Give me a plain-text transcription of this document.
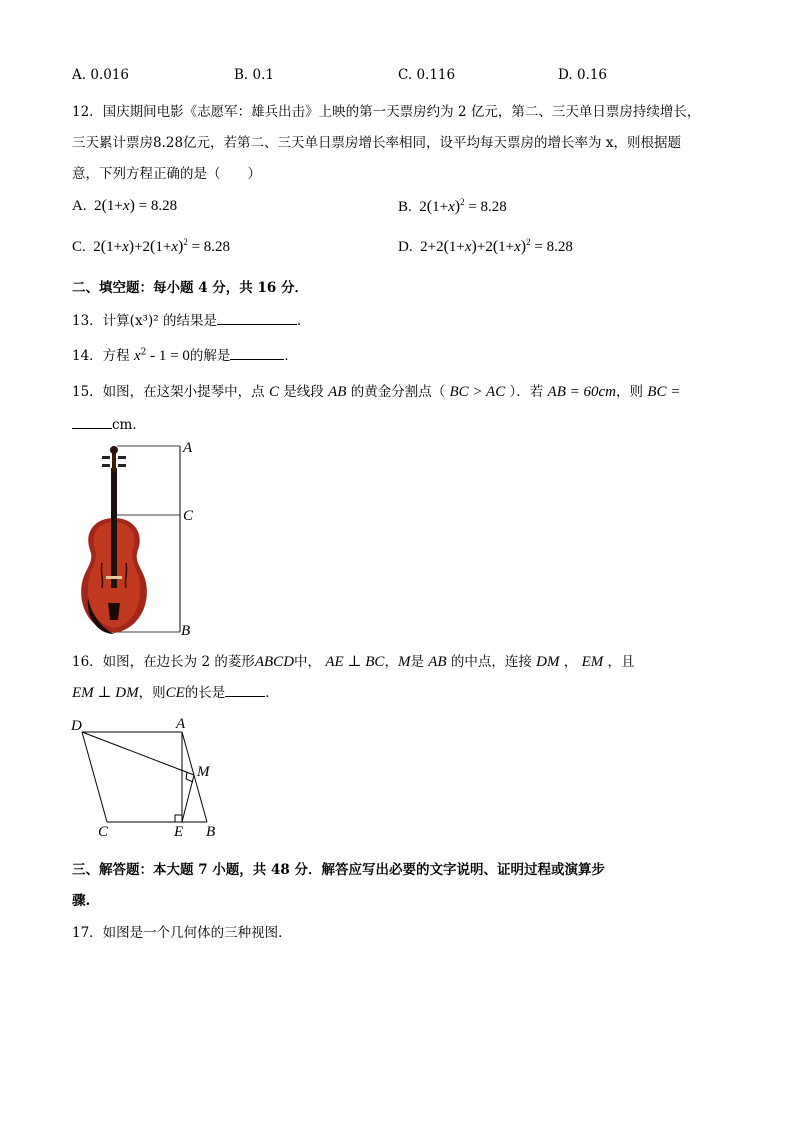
A. 0.016	B. 0.1	C. 0.116	D. 0.16
12．国庆期间电影《志愿军：雄兵出击》上映的第一天票房约为 2 亿元，第二、三天单日票房持续增长，
三天累计票房8.28亿元，若第二、三天单日票房增长率相同，设平均每天票房的增长率为 x，则根据题
意，下列方程正确的是（　　）
A. 2(1+x) = 8.28	B. $2(1+x)^2 = 8.28$
C. $2(1+x)+2(1+x)^2 = 8.28$	D. $2+2(1+x)+2(1+x)^2 = 8.28$
二、填空题：每小题 4 分，共 16 分．
13．计算(x³)² 的结果是	．
14．方程 $x^2 - 1 = 0$的解是	．
15．如图，在这架小提琴中，点 C 是线段 AB 的黄金分割点（ BC > AC ）．若 AB = 60cm，则 BC =
cm．
A
C
B
16．如图，在边长为 2 的菱形ABCD中， AE ⊥ BC，M是 AB 的中点，连接 DM ， EM ，且
EM ⊥ DM，则CE的长是	．
D	A
M
C	E B
三、解答题：本大题 7 小题，共 48 分．解答应写出必要的文字说明、证明过程或演算步
骤.
17．如图是一个几何体的三种视图．
